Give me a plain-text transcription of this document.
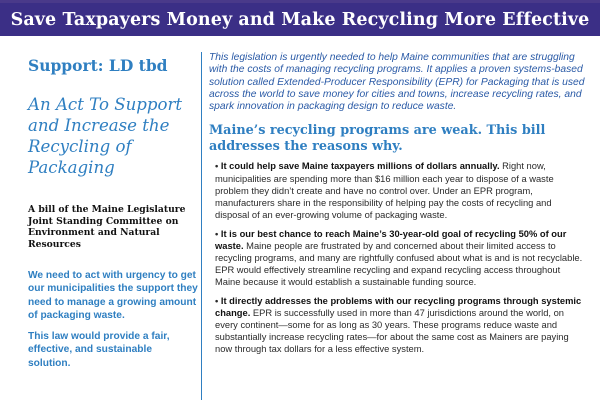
Save Taxpayers Money and Make Recycling More Effective
Support: LD tbd
An Act To Support and Increase the Recycling of Packaging
A bill of the Maine Legislature Joint Standing Committee on Environment and Natural Resources
We need to act with urgency to get our municipalities the support they need to manage a growing amount of packaging waste.
This law would provide a fair, effective, and sustainable solution.

This legislation is urgently needed to help Maine communities that are struggling with the costs of managing recycling programs. It applies a proven systems-based solution called Extended-Producer Responsibility (EPR) for Packaging that is used across the world to save money for cities and towns, increase recycling rates, and spark innovation in packaging design to reduce waste.

Maine’s recycling programs are weak. This bill addresses the reasons why.

• It could help save Maine taxpayers millions of dollars annually. Right now, municipalities are spending more than $16 million each year to dispose of a waste problem they didn’t create and have no control over. Under an EPR program, manufacturers share in the responsibility of helping pay the costs of recycling and disposal of an ever-growing volume of packaging waste.

• It is our best chance to reach Maine’s 30-year-old goal of recycling 50% of our waste. Maine people are frustrated by and concerned about their limited access to recycling programs, and many are rightfully confused about what is and is not recyclable. EPR would effectively streamline recycling and expand recycling access throughout Maine because it would establish a sustainable funding source.

• It directly addresses the problems with our recycling programs through systemic change. EPR is successfully used in more than 47 jurisdictions around the world, on every continent—some for as long as 30 years. These programs reduce waste and substantially increase recycling rates—for about the same cost as Mainers are paying now through tax dollars for a less effective system.
